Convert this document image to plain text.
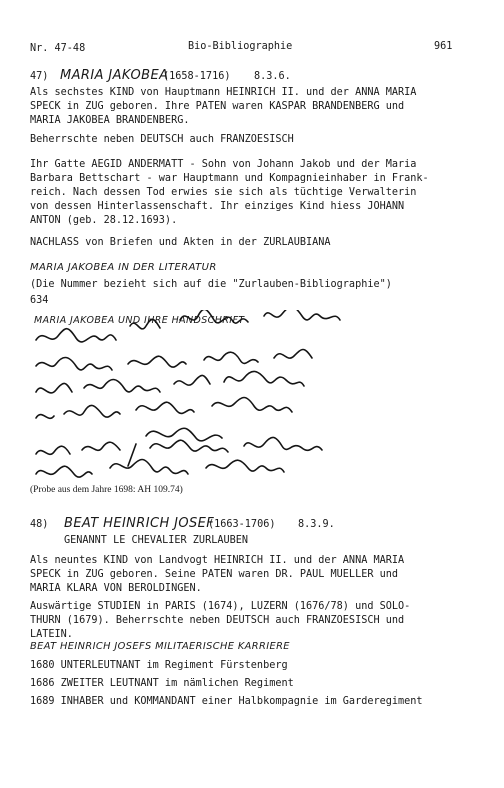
Nr. 47-48	Bio-Bibliographie	961
47) MARIA JAKOBEA
(1658-1716) 8.3.6.
Als sechstes KIND von Hauptmann HEINRICH II. und der ANNA MARIA
SPECK in ZUG geboren. Ihre PATEN waren KASPAR BRANDENBERG und
MARIA JAKOBEA BRANDENBERG.
Beherrschte neben DEUTSCH auch FRANZOESISCH
Ihr Gatte AEGID ANDERMATT - Sohn von Johann Jakob und der Maria
Barbara Bettschart - war Hauptmann und Kompagnieinhaber in Frank-
reich. Nach dessen Tod erwies sie sich als tüchtige Verwalterin
von dessen Hinterlassenschaft. Ihr einziges Kind hiess JOHANN
ANTON (geb. 28.12.1693).
NACHLASS von Briefen und Akten in der ZURLAUBIANA
MARIA JAKOBEA IN DER LITERATUR
(Die Nummer bezieht sich auf die "Zurlauben-Bibliographie")
634
MARIA JAKOBEA UND IHRE HANDSCHRIFT
(Probe aus dem Jahre 1698: AH 109.74)
48) BEAT HEINRICH JOSEF
(1663-1706) 8.3.9.
GENANNT LE CHEVALIER ZURLAUBEN
Als neuntes KIND von Landvogt HEINRICH II. und der ANNA MARIA
SPECK in ZUG geboren. Seine PATEN waren DR. PAUL MUELLER und
MARIA KLARA VON BEROLDINGEN.
Auswärtige STUDIEN in PARIS (1674), LUZERN (1676/78) und SOLO-
THURN (1679). Beherrschte neben DEUTSCH auch FRANZOESISCH und
LATEIN.
BEAT HEINRICH JOSEFS MILITAERISCHE KARRIERE
1680 UNTERLEUTNANT im Regiment Fürstenberg
1686 ZWEITER LEUTNANT im nämlichen Regiment
1689 INHABER und KOMMANDANT einer Halbkompagnie im Garderegiment
